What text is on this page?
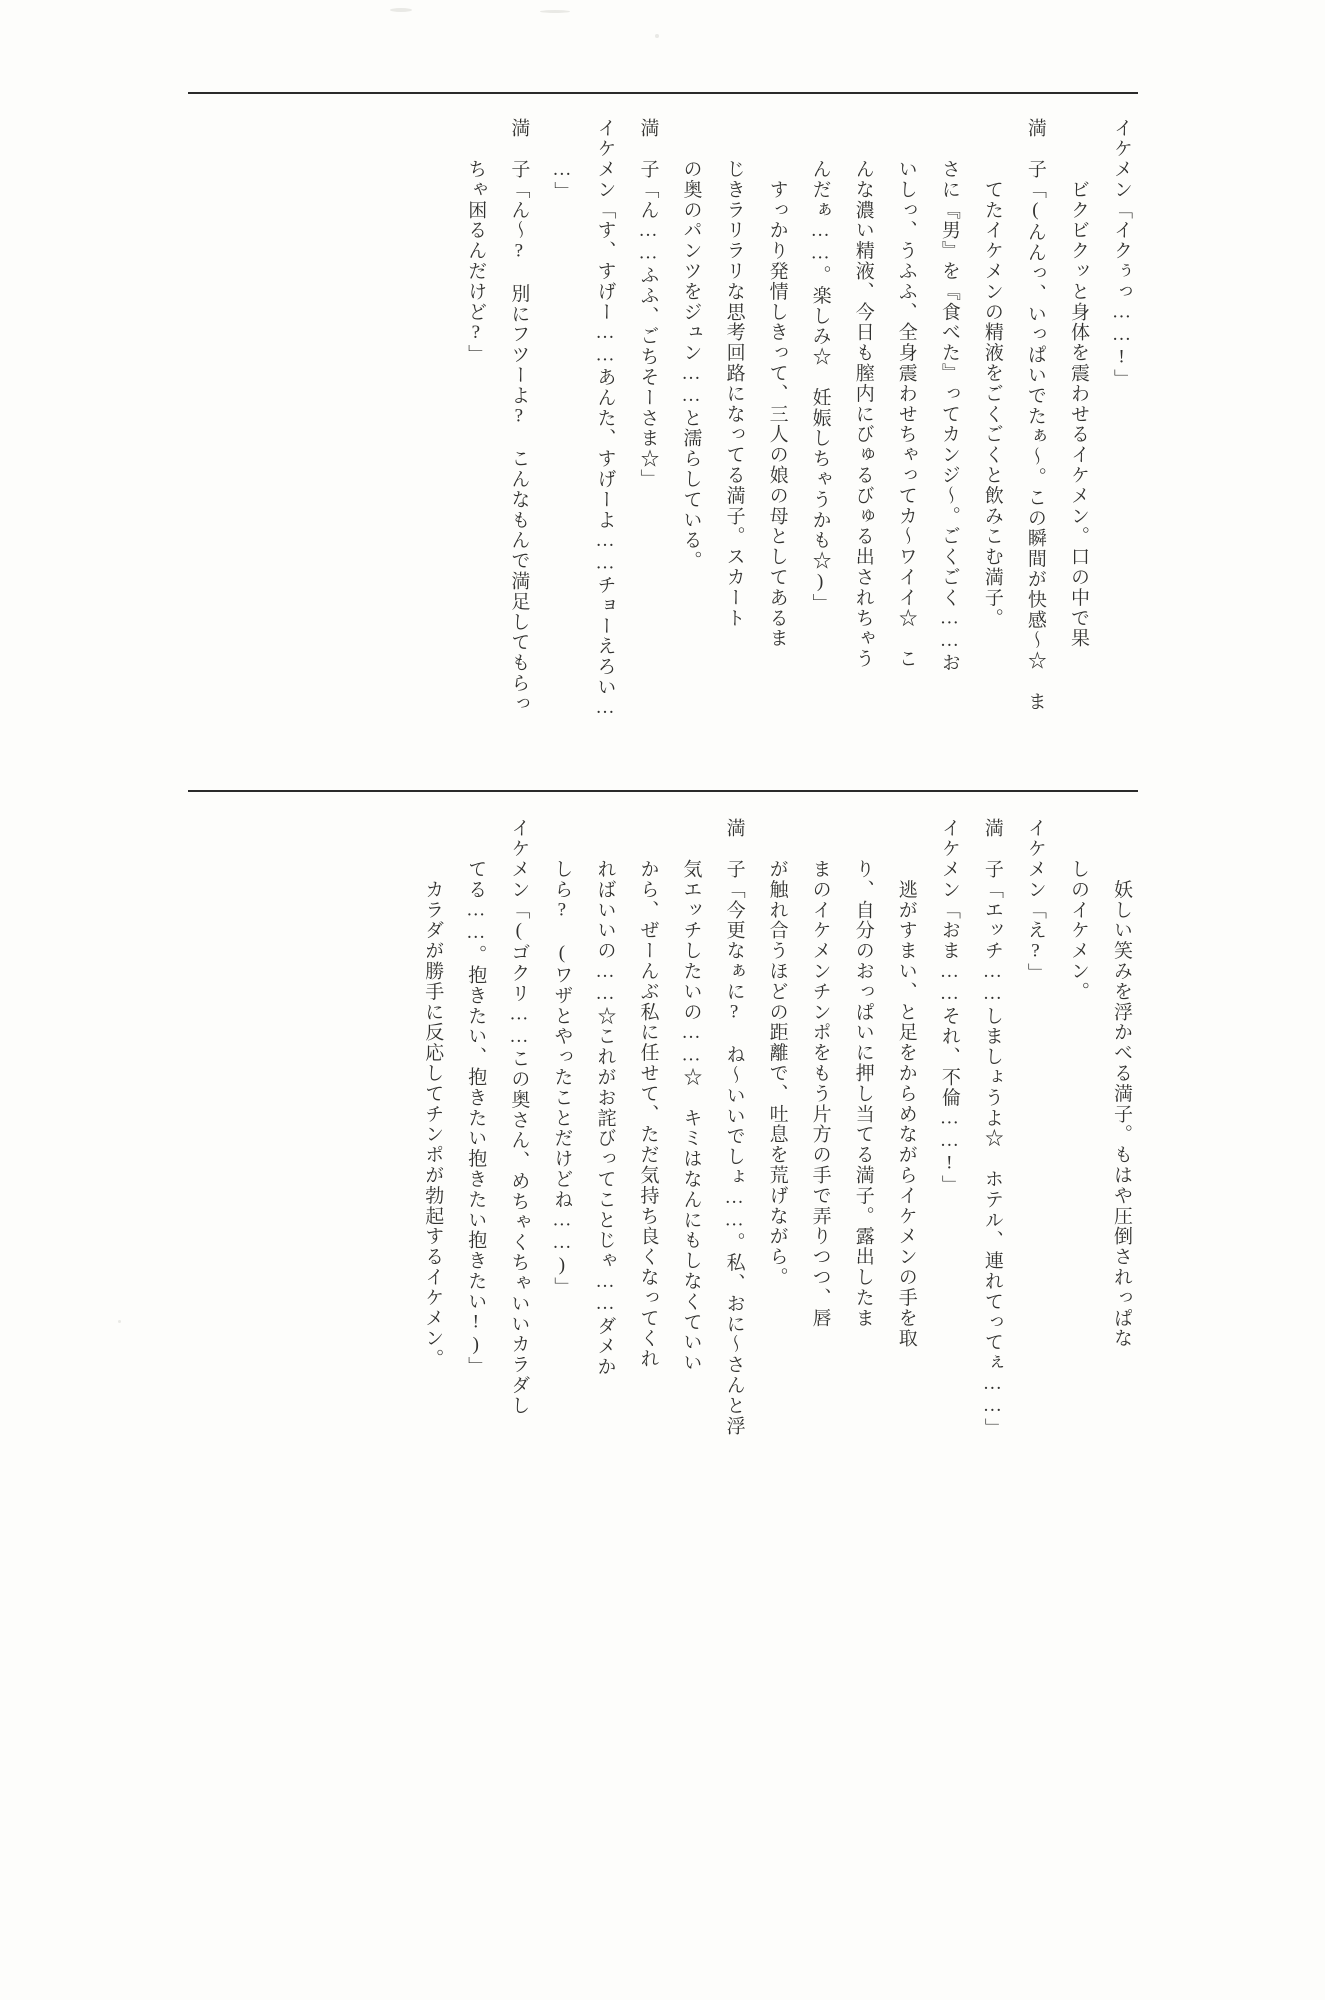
イケメン「イクぅっ……!」
　　　ビクビクッと身体を震わせるイケメン。口の中で果
満　子「(んんっ、いっぱいでたぁ〜。この瞬間が快感〜☆　ま
　　　てたイケメンの精液をごくごくと飲みこむ満子。
　　さに『男』を『食べた』ってカンジ〜。ごくごく……お
　　いしっ、うふふ、全身震わせちゃってカ〜ワイイ☆　こ
　　んな濃い精液、今日も膣内にびゅるびゅる出されちゃう
　　んだぁ……。楽しみ☆　妊娠しちゃうかも☆)」
　　　すっかり発情しきって、三人の娘の母としてあるま
　　じきラリラリな思考回路になってる満子。スカート
　　の奥のパンツをジュン……と濡らしている。
満　子「ん……ふふ、ごちそーさま☆」
イケメン「す、すげー……あんた、すげーよ……チョーえろい…
　　…」
満　子「ん〜?　別にフツーよ?　こんなもんで満足してもらっ
　　ちゃ困るんだけど?」
　　　妖しい笑みを浮かべる満子。もはや圧倒されっぱな
　　しのイケメン。
イケメン「え?」
満　子「エッチ……しましょうよ☆　ホテル、連れてってぇ……」
イケメン「おま……それ、不倫……!」
　　　逃がすまい、と足をからめながらイケメンの手を取
　　り、自分のおっぱいに押し当てる満子。露出したま
　　まのイケメンチンポをもう片方の手で弄りつつ、唇
　　が触れ合うほどの距離で、吐息を荒げながら。
満　子「今更なぁに?　ね〜いいでしょ……。私、おに〜さんと浮
　　気エッチしたいの……☆　キミはなんにもしなくていい
　　から、ぜーんぶ私に任せて、ただ気持ち良くなってくれ
　　ればいいの……☆これがお詫びってことじゃ……ダメか
　　しら?　(ワザとやったことだけどね……)」
イケメン「(ゴクリ……この奥さん、めちゃくちゃいいカラダし
　　てる……。抱きたい、抱きたい抱きたい抱きたい!)」
　　　カラダが勝手に反応してチンポが勃起するイケメン。
